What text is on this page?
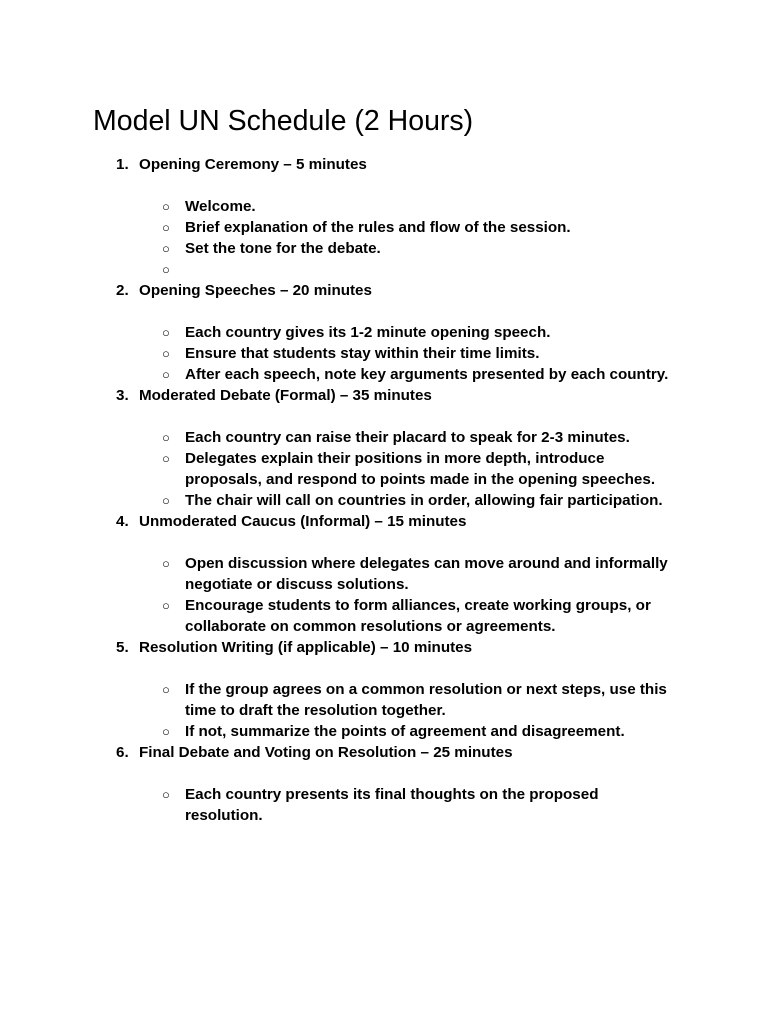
Model UN Schedule (2 Hours)
1. Opening Ceremony – 5 minutes
○ Welcome.
○ Brief explanation of the rules and flow of the session.
○ Set the tone for the debate.
○
2. Opening Speeches – 20 minutes
○ Each country gives its 1-2 minute opening speech.
○ Ensure that students stay within their time limits.
○ After each speech, note key arguments presented by each country.
3. Moderated Debate (Formal) – 35 minutes
○ Each country can raise their placard to speak for 2-3 minutes.
○ Delegates explain their positions in more depth, introduce proposals, and respond to points made in the opening speeches.
○ The chair will call on countries in order, allowing fair participation.
4. Unmoderated Caucus (Informal) – 15 minutes
○ Open discussion where delegates can move around and informally negotiate or discuss solutions.
○ Encourage students to form alliances, create working groups, or collaborate on common resolutions or agreements.
5. Resolution Writing (if applicable) – 10 minutes
○ If the group agrees on a common resolution or next steps, use this time to draft the resolution together.
○ If not, summarize the points of agreement and disagreement.
6. Final Debate and Voting on Resolution – 25 minutes
○ Each country presents its final thoughts on the proposed resolution.
